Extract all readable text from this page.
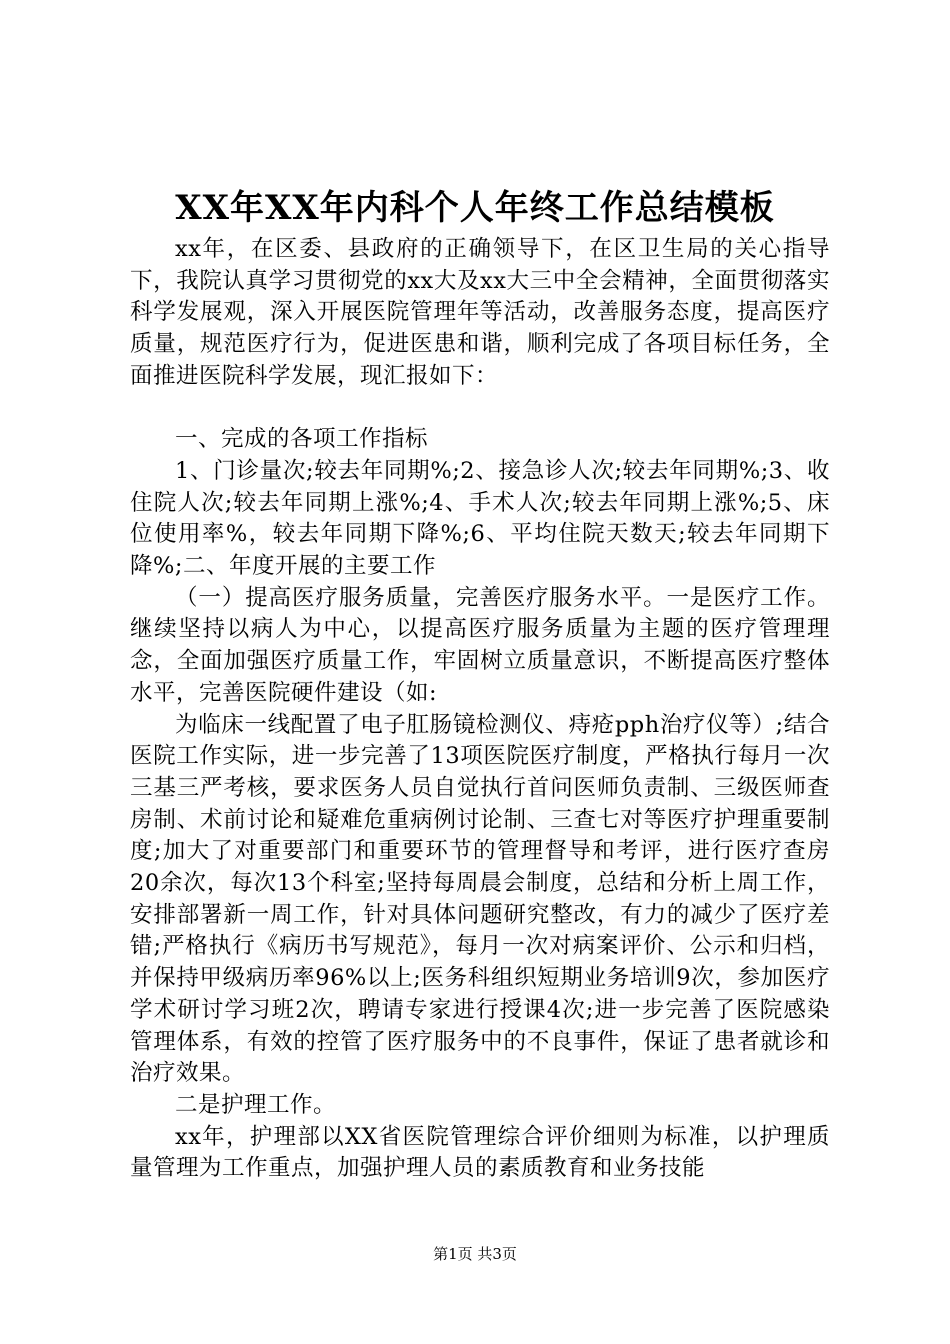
XX年XX年内科个人年终工作总结模板

xx年，在区委、县政府的正确领导下，在区卫生局的关心指导下，我院认真学习贯彻党的xx大及xx大三中全会精神，全面贯彻落实科学发展观，深入开展医院管理年等活动，改善服务态度，提高医疗质量，规范医疗行为，促进医患和谐，顺利完成了各项目标任务，全面推进医院科学发展，现汇报如下：

一、完成的各项工作指标

1、门诊量次;较去年同期%;2、接急诊人次;较去年同期%;3、收住院人次;较去年同期上涨%;4、手术人次;较去年同期上涨%;5、床位使用率%，较去年同期下降%;6、平均住院天数天;较去年同期下降%;二、年度开展的主要工作

（一）提高医疗服务质量，完善医疗服务水平。一是医疗工作。继续坚持以病人为中心，以提高医疗服务质量为主题的医疗管理理念，全面加强医疗质量工作，牢固树立质量意识，不断提高医疗整体水平，完善医院硬件建设（如:

为临床一线配置了电子肛肠镜检测仪、痔疮pph治疗仪等）;结合医院工作实际，进一步完善了13项医院医疗制度，严格执行每月一次三基三严考核，要求医务人员自觉执行首问医师负责制、三级医师查房制、术前讨论和疑难危重病例讨论制、三查七对等医疗护理重要制度;加大了对重要部门和重要环节的管理督导和考评，进行医疗查房20余次，每次13个科室;坚持每周晨会制度，总结和分析上周工作，安排部署新一周工作，针对具体问题研究整改，有力的减少了医疗差错;严格执行《病历书写规范》，每月一次对病案评价、公示和归档，并保持甲级病历率96%以上;医务科组织短期业务培训9次，参加医疗学术研讨学习班2次，聘请专家进行授课4次;进一步完善了医院感染管理体系，有效的控管了医疗服务中的不良事件，保证了患者就诊和治疗效果。

二是护理工作。

xx年，护理部以XX省医院管理综合评价细则为标准，以护理质量管理为工作重点，加强护理人员的素质教育和业务技能

第1页 共3页
